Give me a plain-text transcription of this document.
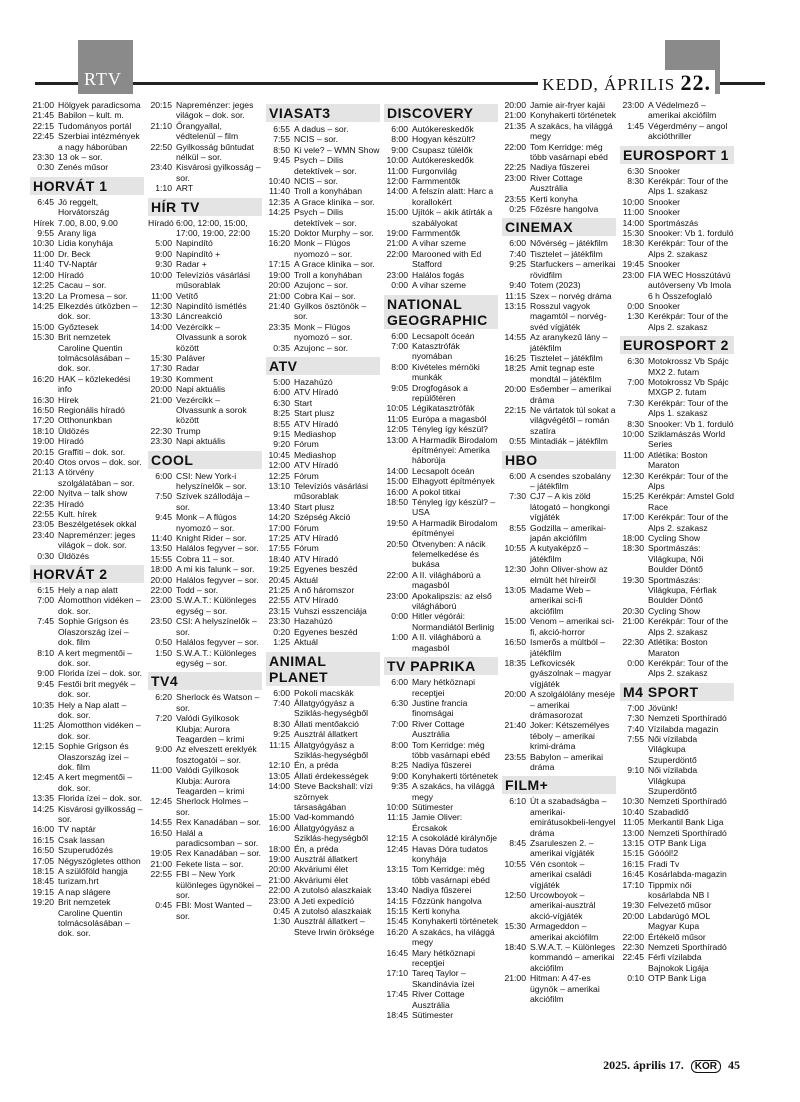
RTV	KEDD, ÁPRILIS 22.
21:00 Hölgyek paradicsoma
21:45 Babilon – kult. m.
22:15 Tudományos portál
22:45 Szerbiai intézmények a nagy háborúban
23:30 13 ok – sor.
0:30 Zenés műsor
HORVÁT 1
6:45 Jó reggelt, Horvátország
Hírek 7.00, 8.00, 9.00
9:55 Arany liga
10:30 Lidia konyhája
11:00 Dr. Beck
11:40 TV-Naptár
12:00 Híradó
12:25 Cacau – sor.
13:20 La Promesa – sor.
14:25 Elkezdés útközben – dok. sor.
15:00 Győztesek
15:30 Brit nemzetek Caroline Quentin tolmácsolásában – dok. sor.
16:20 HAK – közlekedési info
16:30 Hírek
16:50 Regionális híradó
17:20 Otthonunkban
18:10 Üldözés
19:00 Híradó
20:15 Graffiti – dok. sor.
20:40 Otos orvos – dok. sor.
21:13 A törvény szolgálatában – sor.
22:00 Nyitva – talk show
22:35 Híradó
22:55 Kult. hírek
23:05 Beszélgetések okkal
23:40 Napreménzer: jeges világok – dok. sor.
0:30 Üldözés
HORVÁT 2
6:15 Hely a nap alatt
7:00 Álomotthon vidéken – dok. sor.
7:45 Sophie Grigson és Olaszország ízei – dok. film
8:10 A kert megmentői – dok. sor.
9:00 Florida ízei – dok. sor.
9:45 Festői brit megyék – dok. sor.
10:35 Hely a Nap alatt – dok. sor.
11:25 Álomotthon vidéken – dok. sor.
12:15 Sophie Grigson és Olaszország ízei – dok. film
12:45 A kert megmentői – dok. sor.
13:35 Florida ízei – dok. sor.
14:25 Kisvárosi gyilkosság – sor.
16:00 TV naptár
16:15 Csak lassan
16:50 Szuperudózés
17:05 Négyszögletes otthon
18:15 A szülőföld hangja
18:45 turizam.hrt
19:15 A nap slágere
19:20 Brit nemzetek Caroline Quentin tolmácsolásában – dok. sor.
20:15 Napreménzer: jeges világok – dok. sor.
21:10 Őrangyallal, védtelenül – film
22:50 Gyilkosság bűntudat nélkül – sor.
23:40 Kisvárosi gyilkosság – sor.
1:10 ART
HÍR TV
Híradó 6:00, 12:00, 15:00, 17:00, 19:00, 22:00
5:00 Napindító
9:00 Napindító +
9:30 Radar +
10:00 Televíziós vásárlási műsorablak
11:00 Vetítő
12:30 Napindító ismétlés
13:30 Láncreakció
14:00 Vezércikk – Olvassunk a sorok között
15:30 Paláver
17:30 Radar
19:30 Komment
20:00 Napi aktuális
21:00 Vezércikk – Olvassunk a sorok között
22:30 Trump
23:30 Napi aktuális
COOL
6:00 CSI: New York-i helyszínelők – sor.
7:50 Szívek szállodája – sor.
9:45 Monk – A flúgos nyomozó – sor.
11:40 Knight Rider – sor.
13:50 Halálos fegyver – sor.
15:55 Cobra 11 – sor.
18:00 A mi kis falunk – sor.
20:00 Halálos fegyver – sor.
22:00 Todd – sor.
23:00 S.W.A.T.: Különleges egység – sor.
23:50 CSI: A helyszínelők – sor.
0:50 Halálos fegyver – sor.
1:50 S.W.A.T.: Különleges egység – sor.
TV4
6:20 Sherlock és Watson – sor.
7:20 Valódi Gyilkosok Klubja: Aurora Teagarden – krimi
9:00 Az elveszett ereklyék fosztogatói – sor.
11:00 Valódi Gyilkosok Klubja: Aurora Teagarden – krimi
12:45 Sherlock Holmes – sor.
14:55 Rex Kanadában – sor.
16:50 Halál a paradicsomban – sor.
19:05 Rex Kanadában – sor.
21:00 Fekete lista – sor.
22:55 FBI – New York különleges ügynökei – sor.
0:45 FBI: Most Wanted – sor.
VIASAT3
6:55 A dadus – sor.
7:55 NCIS – sor.
8:50 Ki vele? – WMN Show
9:45 Psych – Dilis detektívek – sor.
10:40 NCIS – sor.
11:40 Troll a konyhában
12:35 A Grace klinika – sor.
14:25 Psych – Dilis detektívek – sor.
15:20 Doktor Murphy – sor.
16:20 Monk – Flúgos nyomozó – sor.
17:15 A Grace klinika – sor.
19:00 Troll a konyhában
20:00 Azujonc – sor.
21:00 Cobra Kai – sor.
21:40 Gyilkos ösztönök – sor.
23:35 Monk – Flúgos nyomozó – sor.
0:35 Azujonc – sor.
ATV
5:00 Hazahúzó
6:00 ATV Híradó
6:30 Start
8:25 Start plusz
8:55 ATV Híradó
9:15 Mediashop
9:20 Fórum
10:45 Mediashop
12:00 ATV Híradó
12:25 Fórum
13:10 Televíziós vásárlási műsorablak
13:40 Start plusz
14:20 Szépség Akció
17:00 Fórum
17:25 ATV Híradó
17:55 Fórum
18:40 ATV Híradó
19:25 Egyenes beszéd
20:45 Aktuál
21:25 A nő háromszor
22:55 ATV Híradó
23:15 Vuhszi esszenciája
23:30 Hazahúzó
0:20 Egyenes beszéd
1:25 Aktuál
ANIMAL PLANET
6:00 Pokoli macskák
7:40 Állatgyógyász a Sziklás-hegységből
8:30 Állati mentőakció
9:25 Ausztrál állatkert
11:15 Állatgyógyász a Sziklás-hegységből
12:10 Én, a préda
13:05 Állati érdekességek
14:00 Steve Backshall: vízi szörnyek társaságában
15:00 Vad-kommandó
16:00 Állatgyógyász a Sziklás-hegységből
18:00 Én, a préda
19:00 Ausztrál állatkert
20:00 Akváriumi élet
21:00 Akváriumi élet
22:00 A zutolsó alaszkaiak
23:00 A Jeti expedíció
0:45 A zutolsó alaszkaiak
1:30 Ausztrál állatkert – Steve Irwin öröksége
DISCOVERY
6:00 Autókereskedők
8:00 Hogyan készült?
9:00 Csupasz túlélők
10:00 Autókereskedők
11:00 Furgonvilág
12:00 Farmmentők
14:00 A felszín alatt: Harc a korallokért
15:00 Ujítók – akik átírták a szabályokat
19:00 Farmmentők
21:00 A vihar szeme
22:00 Marooned with Ed Stafford
23:00 Halálos fogás
0:00 A vihar szeme
NATIONAL GEOGRAPHIC
6:00 Lecsapolt óceán
7:00 Katasztrófák nyomában
8:00 Kivételes mérnöki munkák
9:05 Drogfogások a repülőtéren
10:05 Légikatasztrófák
11:05 Európa a magasból
12:05 Tényleg így készül?
13:00 A Harmadik Birodalom építményei: Amerika háborúja
14:00 Lecsapolt óceán
15:00 Elhagyott építmények
16:00 A pokol titkai
18:50 Tényleg így készül? – USA
19:50 A Harmadik Birodalom építményei
20:50 Ötvenyben: A nácik felemelkedése és bukása
22:00 A II. világháború a magasból
23:00 Apokalipszis: az első világháború
0:00 Hitler végórái: Normandiától Berlinig
1:00 A II. világháború a magasból
TV PAPRIKA
6:00 Mary hétköznapi receptjei
6:30 Justine francia finomságai
7:00 River Cottage Ausztrália
8:00 Tom Kerridge: még több vasárnapi ebéd
8:25 Nadiya fűszerei
9:00 Konyhakerti történetek
9:35 A szakács, ha világgá megy
10:00 Sütimester
11:15 Jamie Oliver: Ércsakok
12:15 A csokoládé királynője
12:45 Havas Dóra tudatos konyhája
13:15 Tom Kerridge: még több vasárnapi ebéd
13:40 Nadiya fűszerei
14:15 Főzzünk hangolva
15:15 Kerti konyha
15:45 Konyhakerti történetek
16:20 A szakács, ha világgá megy
16:45 Mary hétköznapi receptjei
17:10 Tareq Taylor – Skandinávia ízei
17:45 River Cottage Ausztrália
18:45 Sütimester
20:00 Jamie air-fryer kajái
21:00 Konyhakerti történetek
21:35 A szakács, ha világgá megy
22:00 Tom Kerridge: még több vasárnapi ebéd
22:25 Nadiya fűszerei
23:00 River Cottage Ausztrália
23:55 Kerti konyha
0:25 Főzésre hangolva
CINEMAX
6:00 Nővérség – játékfilm
7:40 Tisztelet – játékfilm
9:25 Starfuckers – amerikai rövidfilm
9:40 Totem (2023)
11:15 Szex – norvég dráma
13:15 Rosszul vagyok magamtól – norvég-svéd vígjáték
14:55 Az aranykezű lány – játékfilm
16:25 Tisztelet – játékfilm
18:25 Amit tegnap este mondtál – játékfilm
20:00 Esőember – amerikai dráma
22:15 Ne vártatok túl sokat a világvégétől – román szatíra
0:55 Mintadiák – játékfilm
HBO
6:00 A csendes szobalány – játékfilm
7:30 CJ7 – A kis zöld látogató – hongkongi vígjáték
8:55 Godzilla – amerikai-japán akciófilm
10:55 A kutyaképző – játékfilm
12:30 John Oliver-show az elmúlt hét híreiről
13:05 Madame Web – amerikai sci-fi akciófilm
15:00 Venom – amerikai sci-fi, akció-horror
16:50 Ismerős a múltból – játékfilm
18:35 Lefkovicsék gyászolnak – magyar vígjáték
20:00 A szolgálólány meséje – amerikai drámasorozat
21:40 Joker: Kétszemélyes téboly – amerikai krimi-dráma
23:55 Babylon – amerikai dráma
FILM+
6:10 Út a szabadságba – amerikai-emirátusokbeli-lengyel dráma
8:45 Zsaruleszen 2. – amerikai vígjáték
10:55 Vén csontok – amerikai családi vígjáték
12:50 Urcowboyok – amerikai-ausztrál akció-vígjáték
15:30 Armageddon – amerikai akciófilm
18:40 S.W.A.T. – Különleges kommandó – amerikai akciófilm
21:00 Hitman: A 47-es ügynök – amerikai akciófilm
23:00 A Védelmező – amerikai akciófilm
1:45 Végerdmény – angol akcióthriller
EUROSPORT 1
6:30 Snooker
8:30 Kerékpár: Tour of the Alps 1. szakasz
10:00 Snooker
11:00 Snooker
14:00 Sportmászás
15:30 Snooker: Vb 1. forduló
18:30 Kerékpár: Tour of the Alps 2. szakasz
19:45 Snooker
23:00 FIA WEC Hosszútávú autóverseny Vb Imola 6 h Összefoglaló
0:00 Snooker
1:30 Kerékpár: Tour of the Alps 2. szakasz
EUROSPORT 2
6:30 Motokrossz Vb Spájc MX2 2. futam
7:00 Motokrossz Vb Spájc MXGP 2. futam
7:30 Kerékpár: Tour of the Alps 1. szakasz
8:30 Snooker: Vb 1. forduló
10:00 Sziklamászás World Series
11:00 Atlétika: Boston Maraton
12:30 Kerékpár: Tour of the Alps
15:25 Kerékpár: Amstel Gold Race
17:00 Kerékpár: Tour of the Alps 2. szakasz
18:00 Cycling Show
18:30 Sportmászás: Világkupa, Női Boulder Döntő
19:30 Sportmászás: Világkupa, Férfiak Boulder Döntő
20:30 Cycling Show
21:00 Kerékpár: Tour of the Alps 2. szakasz
22:30 Atlétika: Boston Maraton
0:00 Kerékpár: Tour of the Alps 2. szakasz
M4 SPORT
7:00 Jövünk!
7:30 Nemzeti Sporthíradó
7:40 Vízilabda magazin
7:55 Női vízilabda Világkupa Szuperdöntő
9:10 Női vízilabda Világkupa Szuperdöntő
10:30 Nemzeti Sporthíradó
10:40 Szabadidő
11:05 Merkantil Bank Liga
13:00 Nemzeti Sporthíradó
13:15 OTP Bank Liga
15:15 Góóól!2
16:15 Fradi Tv
16:45 Kosárlabda-magazin
17:10 Tippmix női kosárlabda NB I
19:30 Felvezető műsor
20:00 Labdarúgó MOL Magyar Kupa
22:00 Értékelő műsor
22:30 Nemzeti Sporthíradó
22:45 Férfi vízilabda Bajnokok Ligája
0:10 OTP Bank Liga
2025. április 17. KÖR 45
